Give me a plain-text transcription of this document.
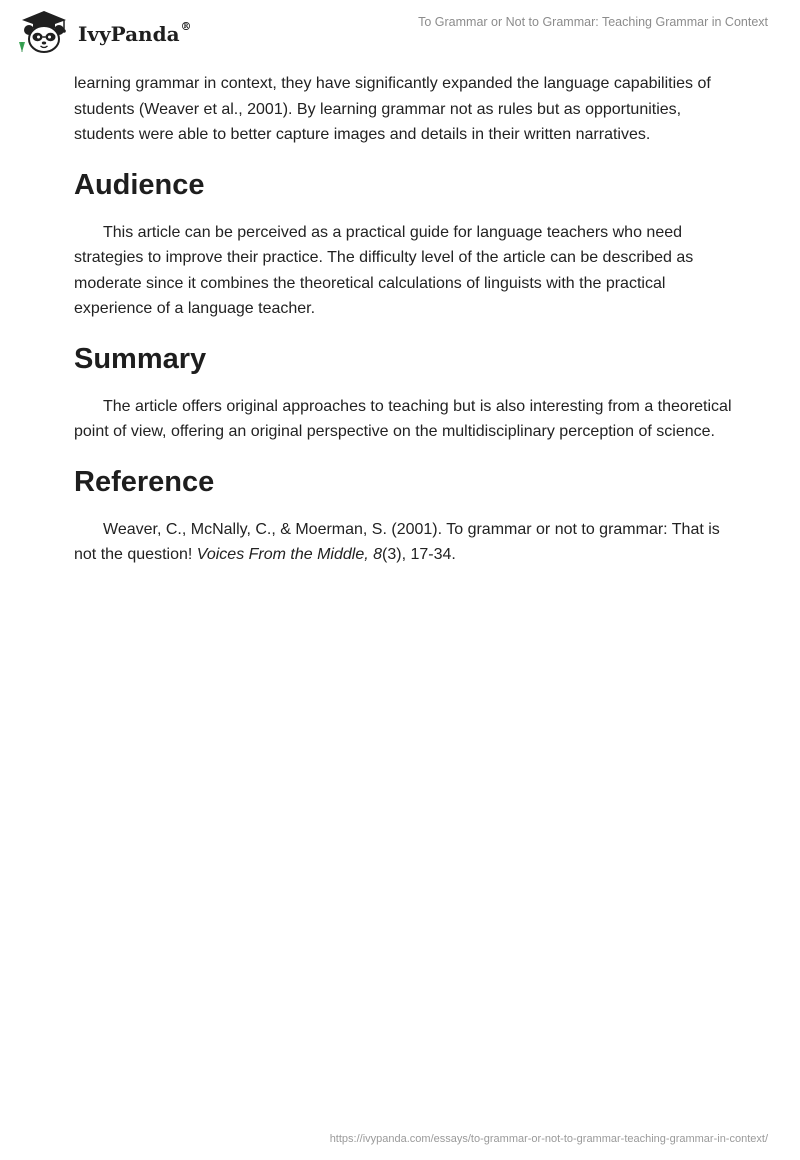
IvyPanda®	To Grammar or Not to Grammar: Teaching Grammar in Context

learning grammar in context, they have significantly expanded the language capabilities of students (Weaver et al., 2001). By learning grammar not as rules but as opportunities, students were able to better capture images and details in their written narratives.

Audience

This article can be perceived as a practical guide for language teachers who need strategies to improve their practice. The difficulty level of the article can be described as moderate since it combines the theoretical calculations of linguists with the practical experience of a language teacher.

Summary

The article offers original approaches to teaching but is also interesting from a theoretical point of view, offering an original perspective on the multidisciplinary perception of science.

Reference

Weaver, C., McNally, C., & Moerman, S. (2001). To grammar or not to grammar: That is not the question! Voices From the Middle, 8(3), 17-34.

https://ivypanda.com/essays/to-grammar-or-not-to-grammar-teaching-grammar-in-context/
